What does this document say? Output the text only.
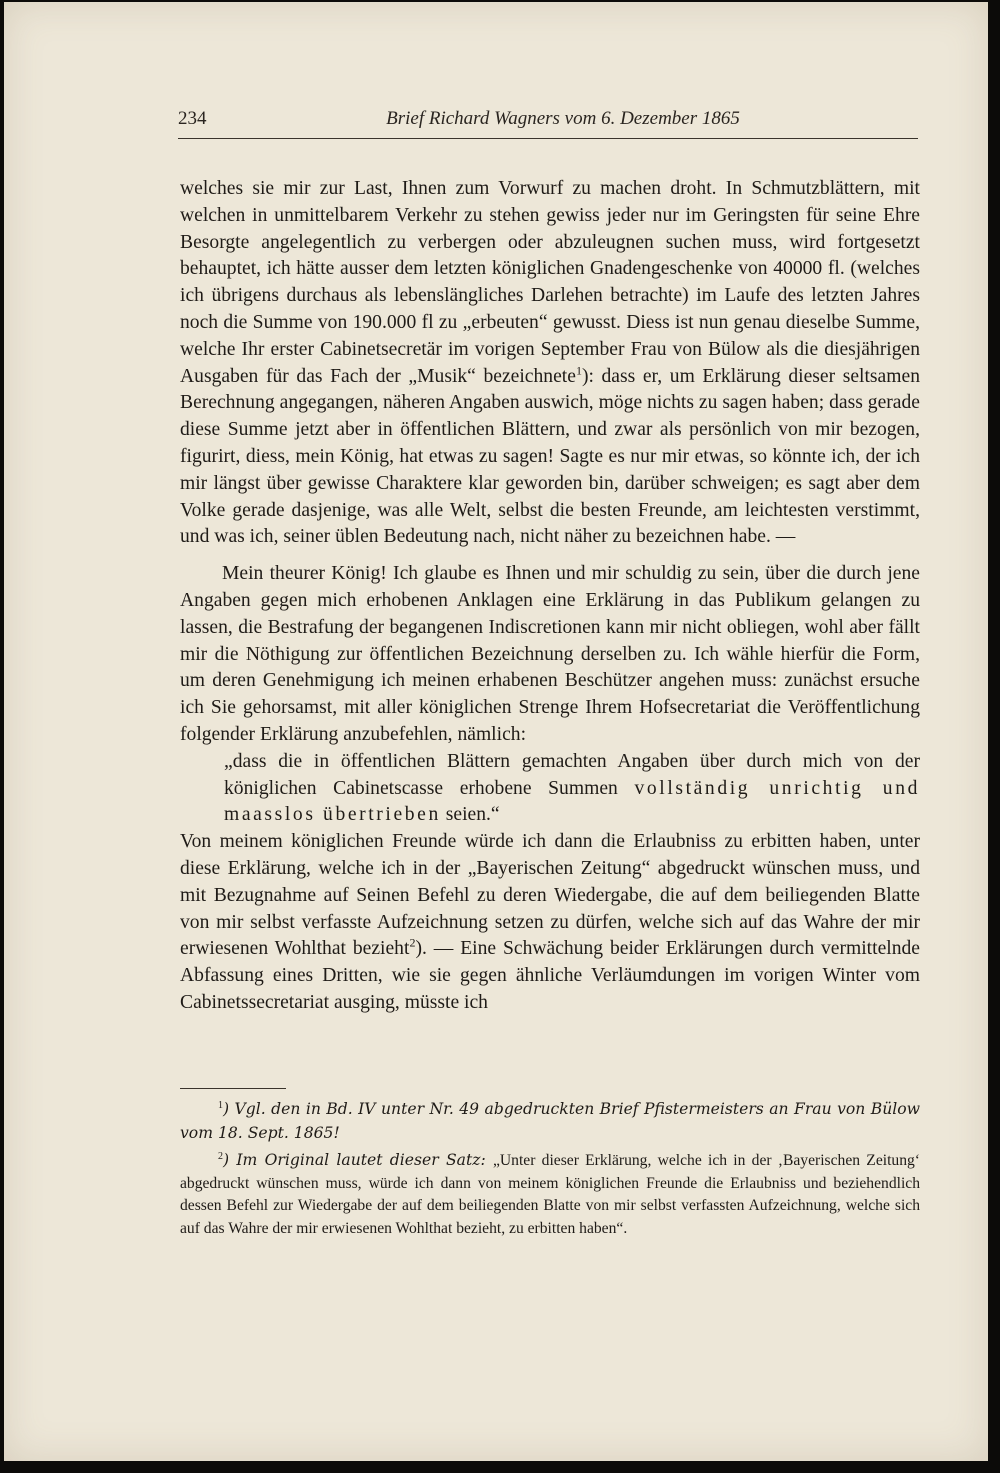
234	Brief Richard Wagners vom 6. Dezember 1865

welches sie mir zur Last, Ihnen zum Vorwurf zu machen droht. In Schmutzblättern, mit welchen in unmittelbarem Verkehr zu stehen gewiss jeder nur im Geringsten für seine Ehre Besorgte angelegentlich zu verbergen oder abzuleugnen suchen muss, wird fortgesetzt behauptet, ich hätte ausser dem letzten königlichen Gnadengeschenke von 40000 fl. (welches ich übrigens durchaus als lebenslängliches Darlehen betrachte) im Laufe des letzten Jahres noch die Summe von 190.000 fl zu „erbeuten“ gewusst. Diess ist nun genau dieselbe Summe, welche Ihr erster Cabinetsecretär im vorigen September Frau von Bülow als die diesjährigen Ausgaben für das Fach der „Musik“ bezeichnete$^1$): dass er, um Erklärung dieser seltsamen Berechnung angegangen, näheren Angaben auswich, möge nichts zu sagen haben; dass gerade diese Summe jetzt aber in öffentlichen Blättern, und zwar als persönlich von mir bezogen, figurirt, diess, mein König, hat etwas zu sagen! Sagte es nur mir etwas, so könnte ich, der ich mir längst über gewisse Charaktere klar geworden bin, darüber schweigen; es sagt aber dem Volke gerade dasjenige, was alle Welt, selbst die besten Freunde, am leichtesten verstimmt, und was ich, seiner üblen Bedeutung nach, nicht näher zu bezeichnen habe. —

Mein theurer König! Ich glaube es Ihnen und mir schuldig zu sein, über die durch jene Angaben gegen mich erhobenen Anklagen eine Erklärung in das Publikum gelangen zu lassen, die Bestrafung der begangenen Indiscretionen kann mir nicht obliegen, wohl aber fällt mir die Nöthigung zur öffentlichen Bezeichnung derselben zu. Ich wähle hierfür die Form, um deren Genehmigung ich meinen erhabenen Beschützer angehen muss: zunächst ersuche ich Sie gehorsamst, mit aller königlichen Strenge Ihrem Hofsecretariat die Veröffentlichung folgender Erklärung anzubefehlen, nämlich:

„dass die in öffentlichen Blättern gemachten Angaben über durch mich von der königlichen Cabinetscasse erhobene Summen vollständig unrichtig und maasslos übertrieben seien.“

Von meinem königlichen Freunde würde ich dann die Erlaubniss zu erbitten haben, unter diese Erklärung, welche ich in der „Bayerischen Zeitung“ abgedruckt wünschen muss, und mit Bezugnahme auf Seinen Befehl zu deren Wiedergabe, die auf dem beiliegenden Blatte von mir selbst verfasste Aufzeichnung setzen zu dürfen, welche sich auf das Wahre der mir erwiesenen Wohlthat bezieht$^2$). — Eine Schwächung beider Erklärungen durch vermittelnde Abfassung eines Dritten, wie sie gegen ähnliche Verläumdungen im vorigen Winter vom Cabinetssecretariat ausging, müsste ich

$^1$) Vgl. den in Bd. IV unter Nr. 49 abgedruckten Brief Pfistermeisters an Frau von Bülow vom 18. Sept. 1865!

$^2$) Im Original lautet dieser Satz: „Unter dieser Erklärung, welche ich in der ‚Bayerischen Zeitung‘ abgedruckt wünschen muss, würde ich dann von meinem königlichen Freunde die Erlaubniss und beziehendlich dessen Befehl zur Wiedergabe der auf dem beiliegenden Blatte von mir selbst verfassten Aufzeichnung, welche sich auf das Wahre der mir erwiesenen Wohlthat bezieht, zu erbitten haben“.
